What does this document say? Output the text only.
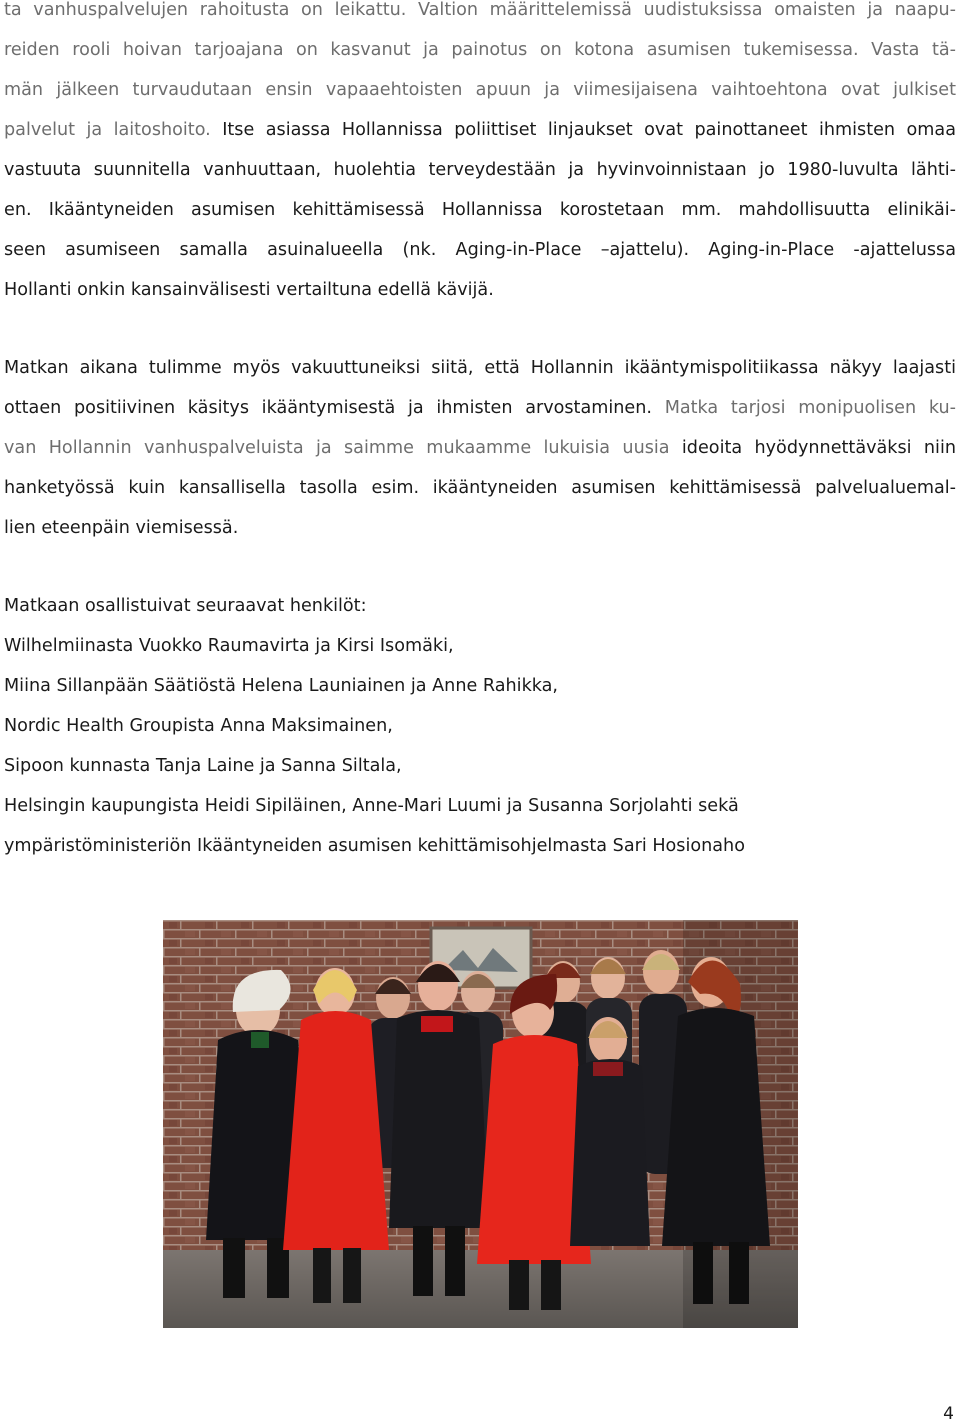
ta vanhuspalvelujen rahoitusta on leikattu. Valtion määrittelemissä uudistuksissa omaisten ja naapu-
reiden rooli hoivan tarjoajana on kasvanut ja painotus on kotona asumisen tukemisessa. Vasta tä-
män jälkeen turvaudutaan ensin vapaaehtoisten apuun ja viimesijaisena vaihtoehtona ovat julkiset
palvelut ja laitoshoito. Itse asiassa Hollannissa poliittiset linjaukset ovat painottaneet ihmisten omaa
vastuuta suunnitella vanhuuttaan, huolehtia terveydestään ja hyvinvoinnistaan jo 1980-luvulta lähti-
en. Ikääntyneiden asumisen kehittämisessä Hollannissa korostetaan mm. mahdollisuutta elinikäi-
seen asumiseen samalla asuinalueella (nk. Aging-in-Place –ajattelu). Aging-in-Place -ajattelussa
Hollanti onkin kansainvälisesti vertailtuna edellä kävijä.
Matkan aikana tulimme myös vakuuttuneiksi siitä, että Hollannin ikääntymispolitiikassa näkyy laajasti
ottaen positiivinen käsitys ikääntymisestä ja ihmisten arvostaminen. Matka tarjosi monipuolisen ku-
van Hollannin vanhuspalveluista ja saimme mukaamme lukuisia uusia ideoita hyödynnettäväksi niin
hanketyössä kuin kansallisella tasolla esim. ikääntyneiden asumisen kehittämisessä palvelualuemal-
lien eteenpäin viemisessä.
Matkaan osallistuivat seuraavat henkilöt:
Wilhelmiinasta Vuokko Raumavirta ja Kirsi Isomäki,
Miina Sillanpään Säätiöstä Helena Launiainen ja Anne Rahikka,
Nordic Health Groupista Anna Maksimainen,
Sipoon kunnasta Tanja Laine ja Sanna Siltala,
Helsingin kaupungista Heidi Sipiläinen, Anne-Mari Luumi ja Susanna Sorjolahti sekä
ympäristöministeriön Ikääntyneiden asumisen kehittämisohjelmasta Sari Hosionaho
4
